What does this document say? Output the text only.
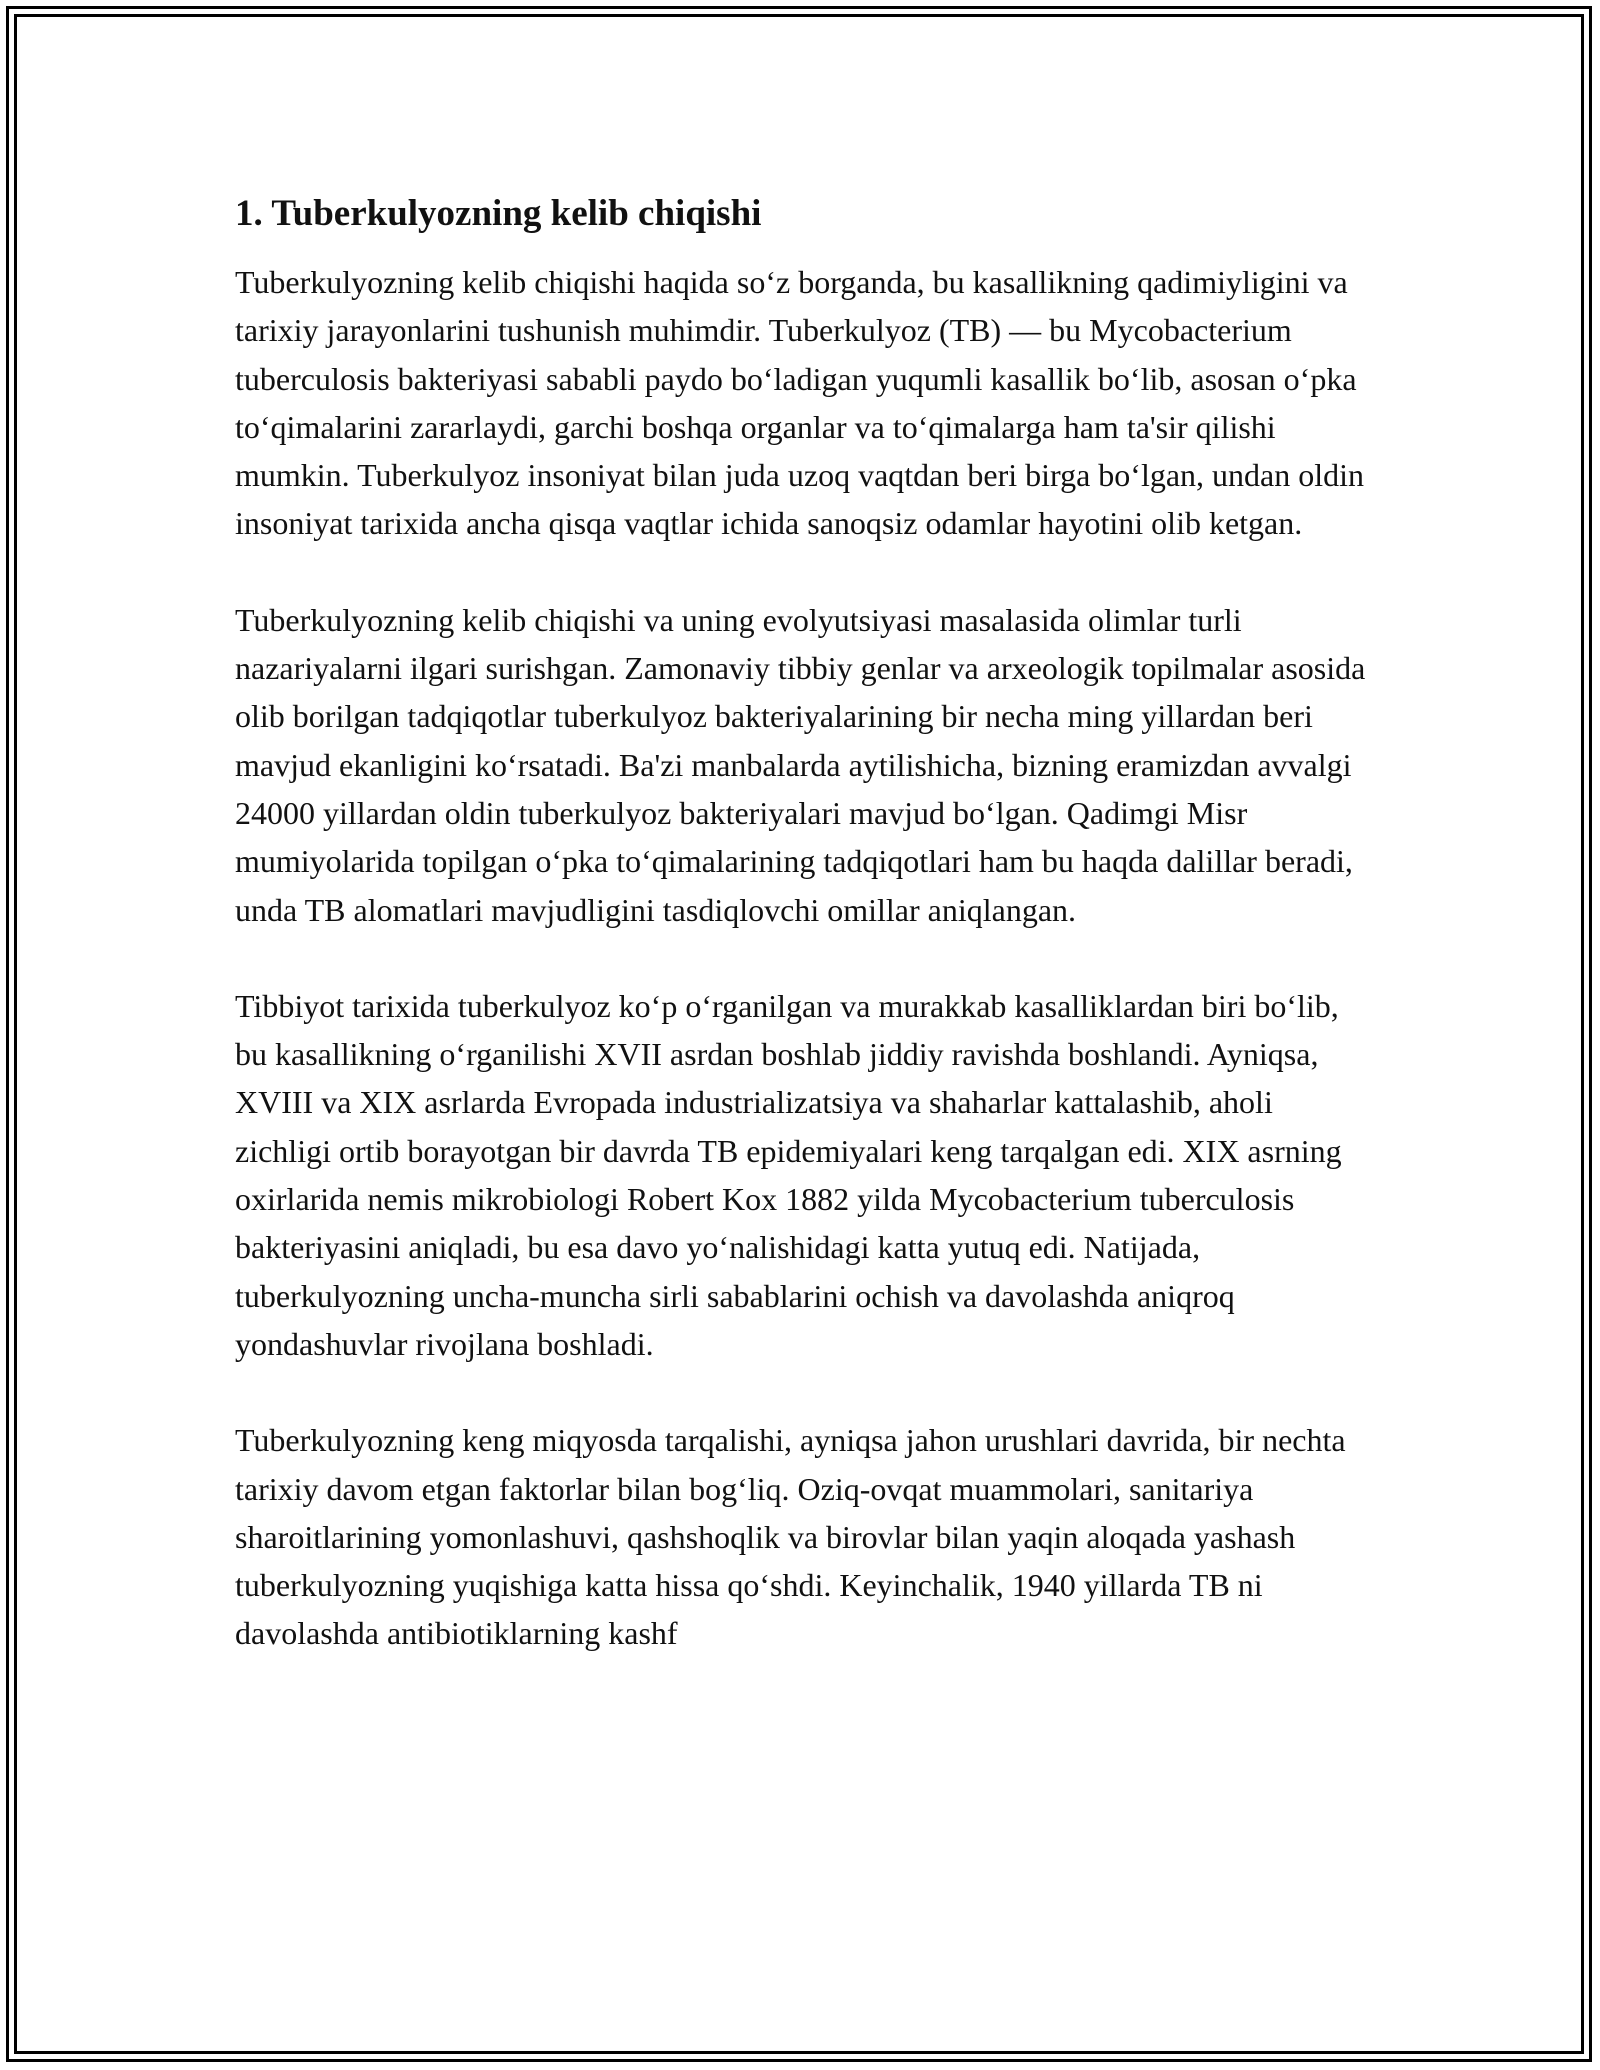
1. Tuberkulyozning kelib chiqishi

Tuberkulyozning kelib chiqishi haqida so‘z borganda, bu kasallikning qadimiyligini va tarixiy jarayonlarini tushunish muhimdir. Tuberkulyoz (TB) — bu Mycobacterium tuberculosis bakteriyasi sababli paydo bo‘ladigan yuqumli kasallik bo‘lib, asosan o‘pka to‘qimalarini zararlaydi, garchi boshqa organlar va to‘qimalarga ham ta'sir qilishi mumkin. Tuberkulyoz insoniyat bilan juda uzoq vaqtdan beri birga bo‘lgan, undan oldin insoniyat tarixida ancha qisqa vaqtlar ichida sanoqsiz odamlar hayotini olib ketgan.

Tuberkulyozning kelib chiqishi va uning evolyutsiyasi masalasida olimlar turli nazariyalarni ilgari surishgan. Zamonaviy tibbiy genlar va arxeologik topilmalar asosida olib borilgan tadqiqotlar tuberkulyoz bakteriyalarining bir necha ming yillardan beri mavjud ekanligini ko‘rsatadi. Ba'zi manbalarda aytilishicha, bizning eramizdan avvalgi 24000 yillardan oldin tuberkulyoz bakteriyalari mavjud bo‘lgan. Qadimgi Misr mumiyolarida topilgan o‘pka to‘qimalarining tadqiqotlari ham bu haqda dalillar beradi, unda TB alomatlari mavjudligini tasdiqlovchi omillar aniqlangan.

Tibbiyot tarixida tuberkulyoz ko‘p o‘rganilgan va murakkab kasalliklardan biri bo‘lib, bu kasallikning o‘rganilishi XVII asrdan boshlab jiddiy ravishda boshlandi. Ayniqsa, XVIII va XIX asrlarda Evropada industrializatsiya va shaharlar kattalashib, aholi zichligi ortib borayotgan bir davrda TB epidemiyalari keng tarqalgan edi. XIX asrning oxirlarida nemis mikrobiologi Robert Kox 1882 yilda Mycobacterium tuberculosis bakteriyasini aniqladi, bu esa davo yo‘nalishidagi katta yutuq edi. Natijada, tuberkulyozning uncha-muncha sirli sabablarini ochish va davolashda aniqroq yondashuvlar rivojlana boshladi.

Tuberkulyozning keng miqyosda tarqalishi, ayniqsa jahon urushlari davrida, bir nechta tarixiy davom etgan faktorlar bilan bog‘liq. Oziq-ovqat muammolari, sanitariya sharoitlarining yomonlashuvi, qashshoqlik va birovlar bilan yaqin aloqada yashash tuberkulyozning yuqishiga katta hissa qo‘shdi. Keyinchalik, 1940 yillarda TB ni davolashda antibiotiklarning kashf
